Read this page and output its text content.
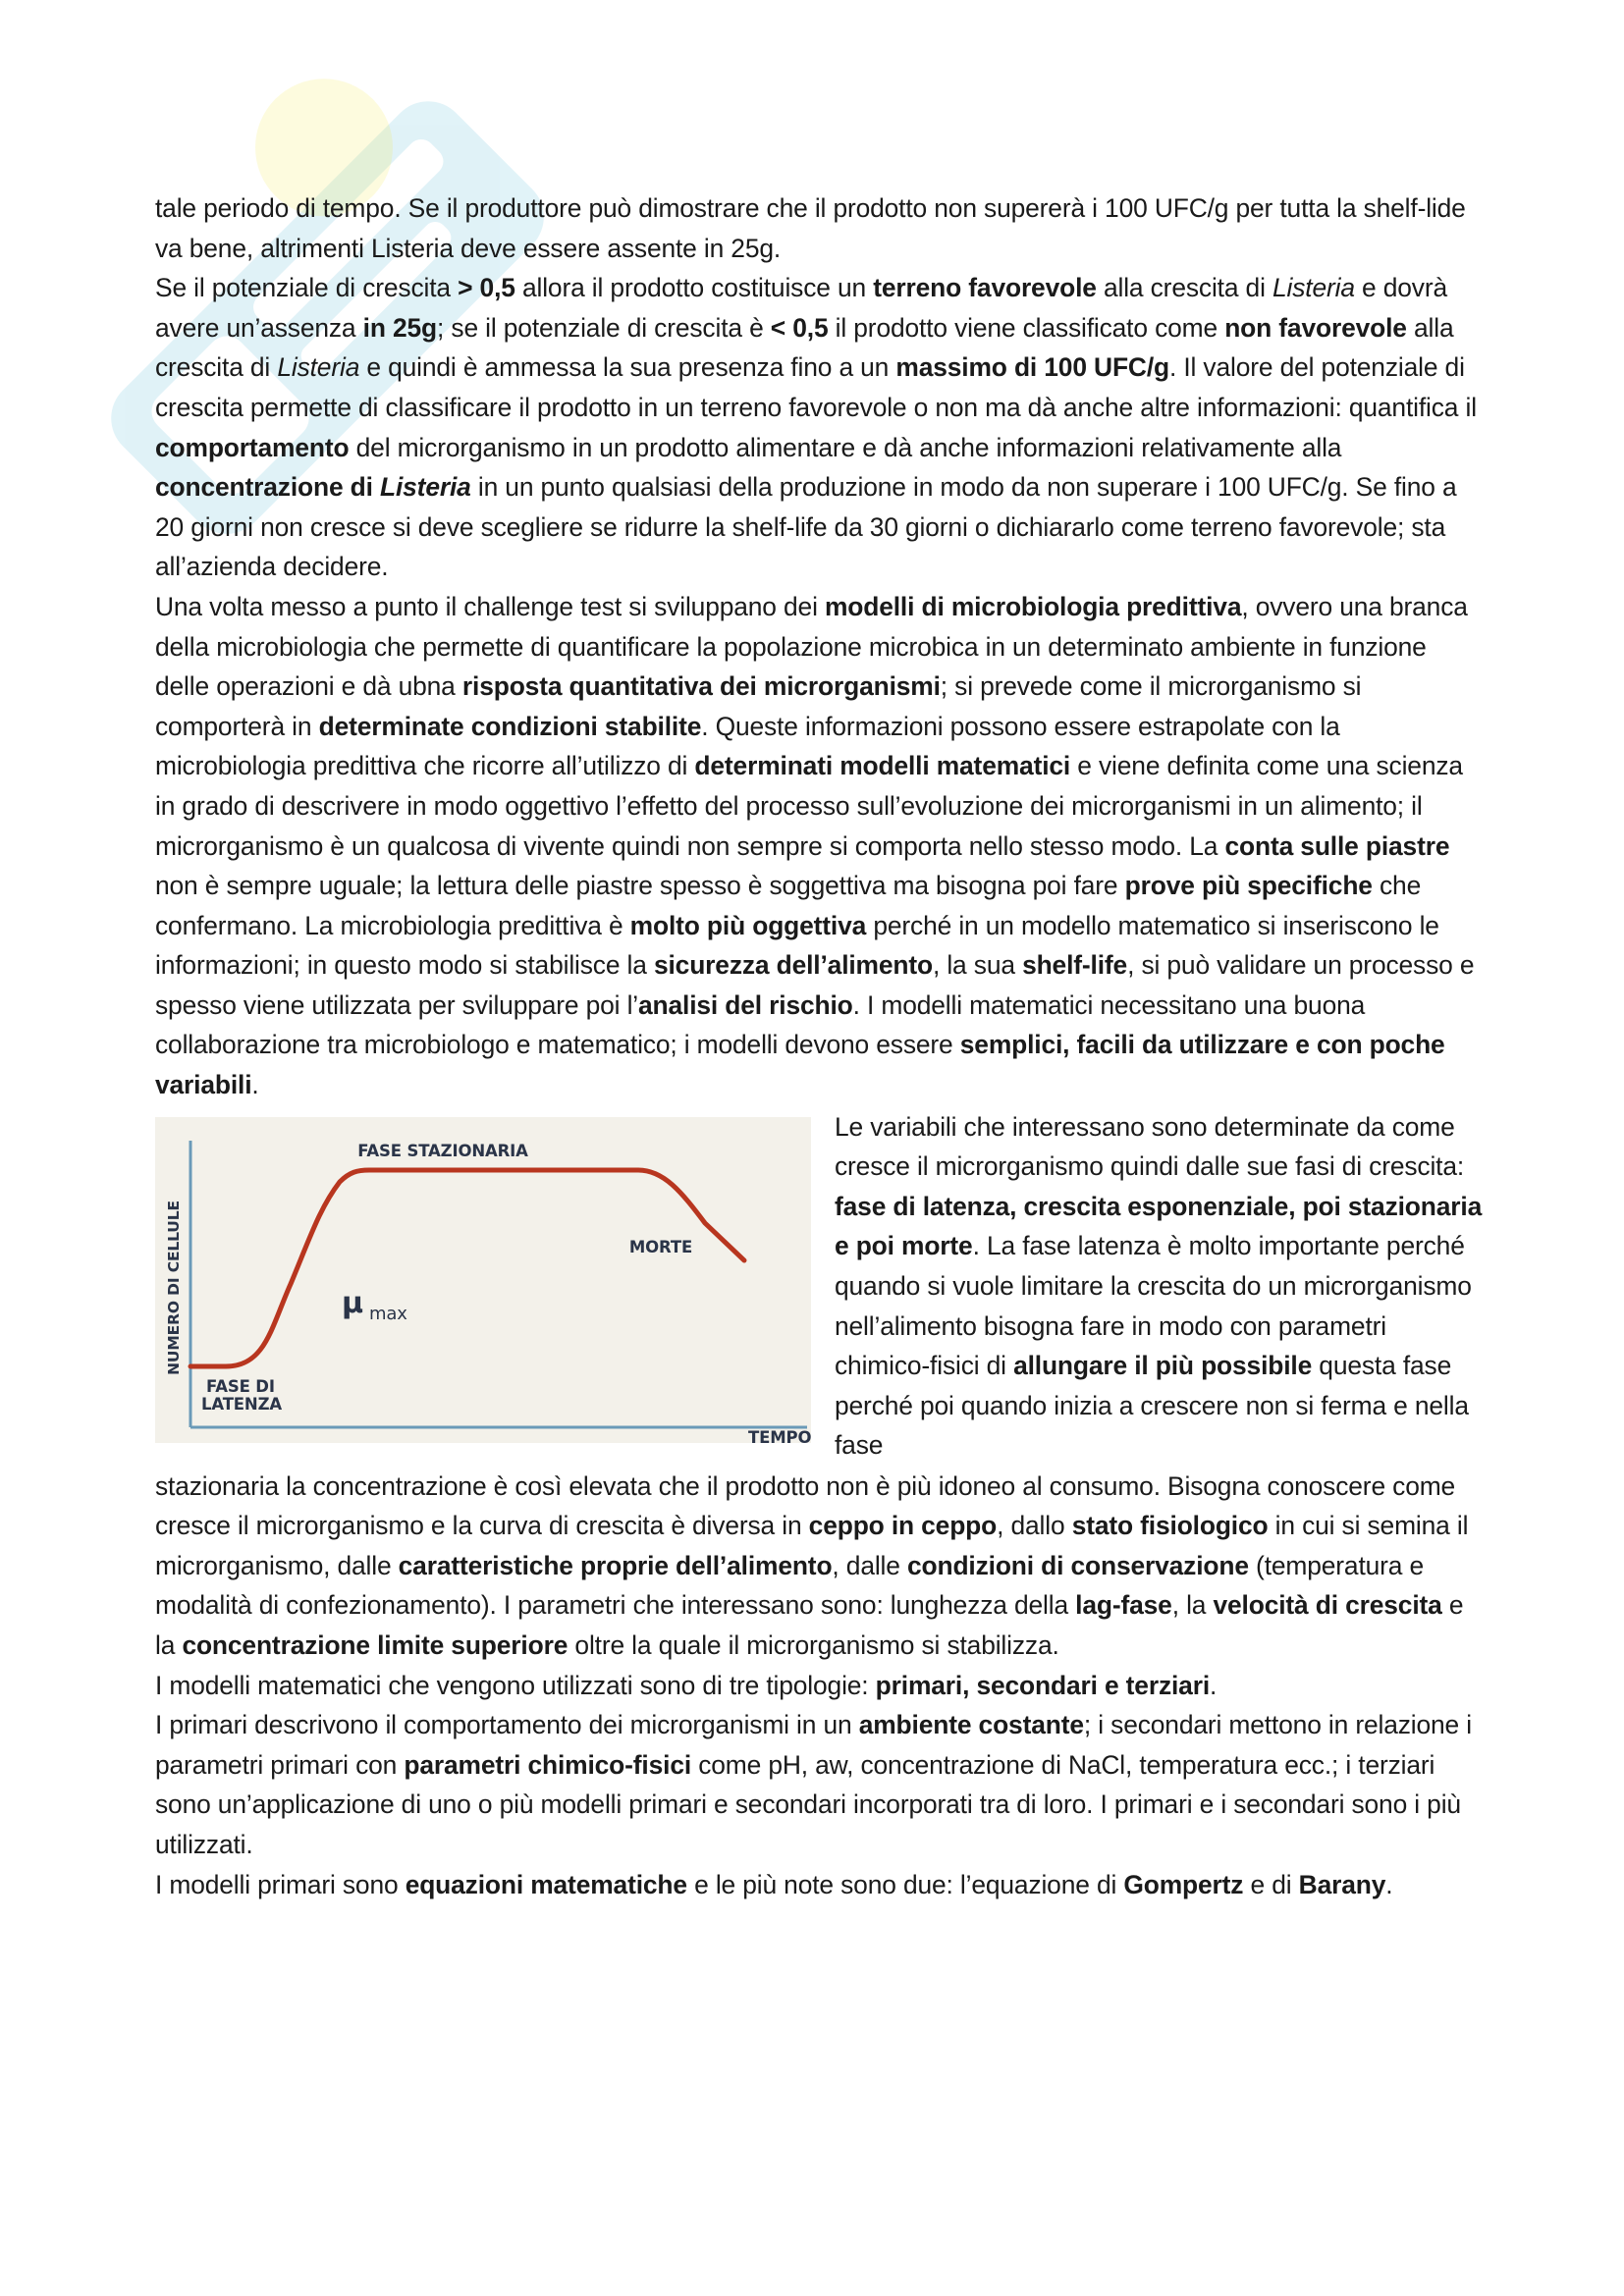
tale periodo di tempo. Se il produttore può dimostrare che il prodotto non supererà i 100 UFC/g per tutta la shelf-lide va bene, altrimenti Listeria deve essere assente in 25g.

Se il potenziale di crescita > 0,5 allora il prodotto costituisce un terreno favorevole alla crescita di Listeria e dovrà avere un’assenza in 25g; se il potenziale di crescita è < 0,5 il prodotto viene classificato come non favorevole alla crescita di Listeria e quindi è ammessa la sua presenza fino a un massimo di 100 UFC/g. Il valore del potenziale di crescita permette di classificare il prodotto in un terreno favorevole o non ma dà anche altre informazioni: quantifica il comportamento del microrganismo in un prodotto alimentare e dà anche informazioni relativamente alla concentrazione di Listeria in un punto qualsiasi della produzione in modo da non superare i 100 UFC/g. Se fino a 20 giorni non cresce si deve scegliere se ridurre la shelf-life da 30 giorni o dichiararlo come terreno favorevole; sta all’azienda decidere.

Una volta messo a punto il challenge test si sviluppano dei modelli di microbiologia predittiva, ovvero una branca della microbiologia che permette di quantificare la popolazione microbica in un determinato ambiente in funzione delle operazioni e dà ubna risposta quantitativa dei microrganismi; si prevede come il microrganismo si comporterà in determinate condizioni stabilite. Queste informazioni possono essere estrapolate con la microbiologia predittiva che ricorre all’utilizzo di determinati modelli matematici e viene definita come una scienza in grado di descrivere in modo oggettivo l’effetto del processo sull’evoluzione dei microrganismi in un alimento; il microrganismo è un qualcosa di vivente quindi non sempre si comporta nello stesso modo. La conta sulle piastre non è sempre uguale; la lettura delle piastre spesso è soggettiva ma bisogna poi fare prove più specifiche che confermano. La microbiologia predittiva è molto più oggettiva perché in un modello matematico si inseriscono le informazioni; in questo modo si stabilisce la sicurezza dell’alimento, la sua shelf-life, si può validare un processo e spesso viene utilizzata per sviluppare poi l’analisi del rischio. I modelli matematici necessitano una buona collaborazione tra microbiologo e matematico; i modelli devono essere semplici, facili da utilizzare e con poche variabili.

FASE STAZIONARIA
MORTE
FASE DI
LATENZA
μ max
NUMERO DI CELLULE
TEMPO

Le variabili che interessano sono determinate da come cresce il microrganismo quindi dalle sue fasi di crescita: fase di latenza, crescita esponenziale, poi stazionaria e poi morte. La fase latenza è molto importante perché quando si vuole limitare la crescita do un microrganismo nell’alimento bisogna fare in modo con parametri chimico-fisici di allungare il più possibile questa fase perché poi quando inizia a crescere non si ferma e nella fase

stazionaria la concentrazione è così elevata che il prodotto non è più idoneo al consumo. Bisogna conoscere come cresce il microrganismo e la curva di crescita è diversa in ceppo in ceppo, dallo stato fisiologico in cui si semina il microrganismo, dalle caratteristiche proprie dell’alimento, dalle condizioni di conservazione (temperatura e modalità di confezionamento). I parametri che interessano sono: lunghezza della lag-fase, la velocità di crescita e la concentrazione limite superiore oltre la quale il microrganismo si stabilizza.

I modelli matematici che vengono utilizzati sono di tre tipologie: primari, secondari e terziari.

I primari descrivono il comportamento dei microrganismi in un ambiente costante; i secondari mettono in relazione i parametri primari con parametri chimico-fisici come pH, aw, concentrazione di NaCl, temperatura ecc.; i terziari sono un’applicazione di uno o più modelli primari e secondari incorporati tra di loro. I primari e i secondari sono i più utilizzati.

I modelli primari sono equazioni matematiche e le più note sono due: l’equazione di Gompertz e di Barany.
